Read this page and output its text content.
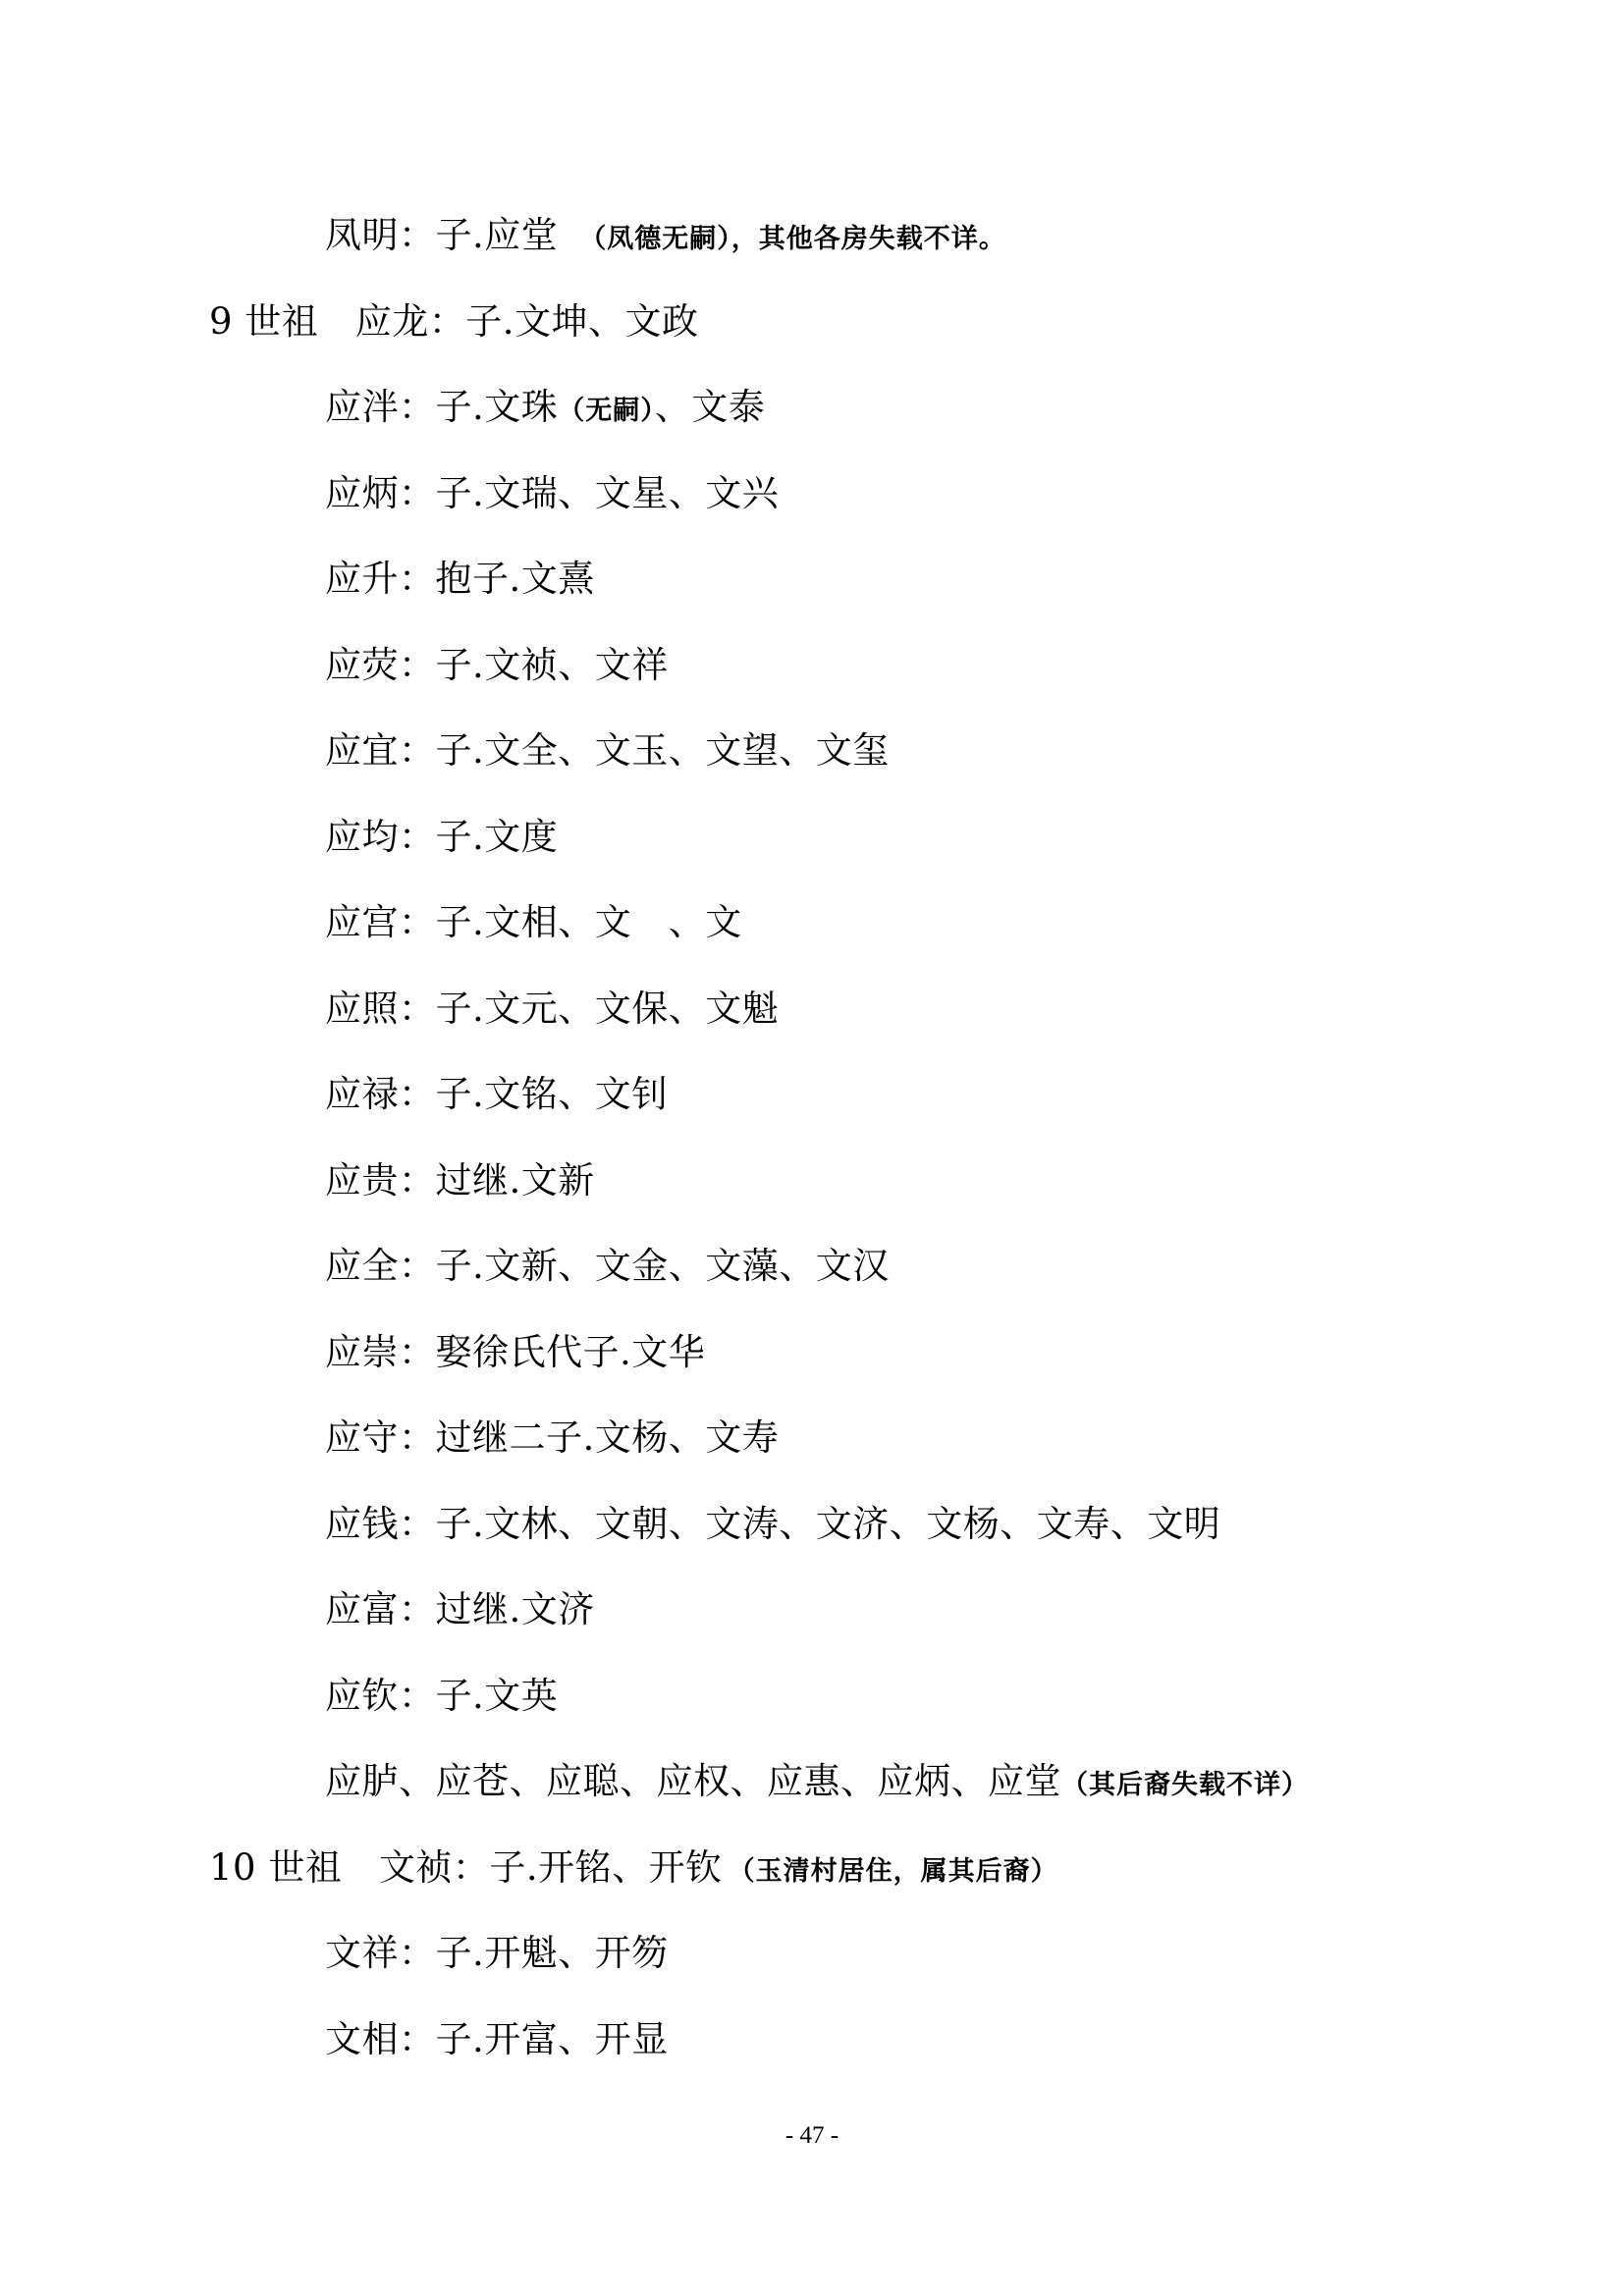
凤明：子.应堂 （凤德无嗣），其他各房失载不详。
9 世祖　应龙：子.文坤、文政
应泮：子.文珠（无嗣）、文泰
应炳：子.文瑞、文星、文兴
应升：抱子.文熹
应荧：子.文祯、文祥
应宜：子.文全、文玉、文望、文玺
应均：子.文度
应宫：子.文相、文　、文
应照：子.文元、文保、文魁
应禄：子.文铭、文钊
应贵：过继.文新
应全：子.文新、文金、文藻、文汉
应崇：娶徐氏代子.文华
应守：过继二子.文杨、文寿
应钱：子.文林、文朝、文涛、文济、文杨、文寿、文明
应富：过继.文济
应钦：子.文英
应胪、应苍、应聪、应权、应惠、应炳、应堂（其后裔失载不详）
10 世祖　文祯：子.开铭、开钦 （玉清村居住，属其后裔）
文祥：子.开魁、开笏
文相：子.开富、开显
- 47 -
